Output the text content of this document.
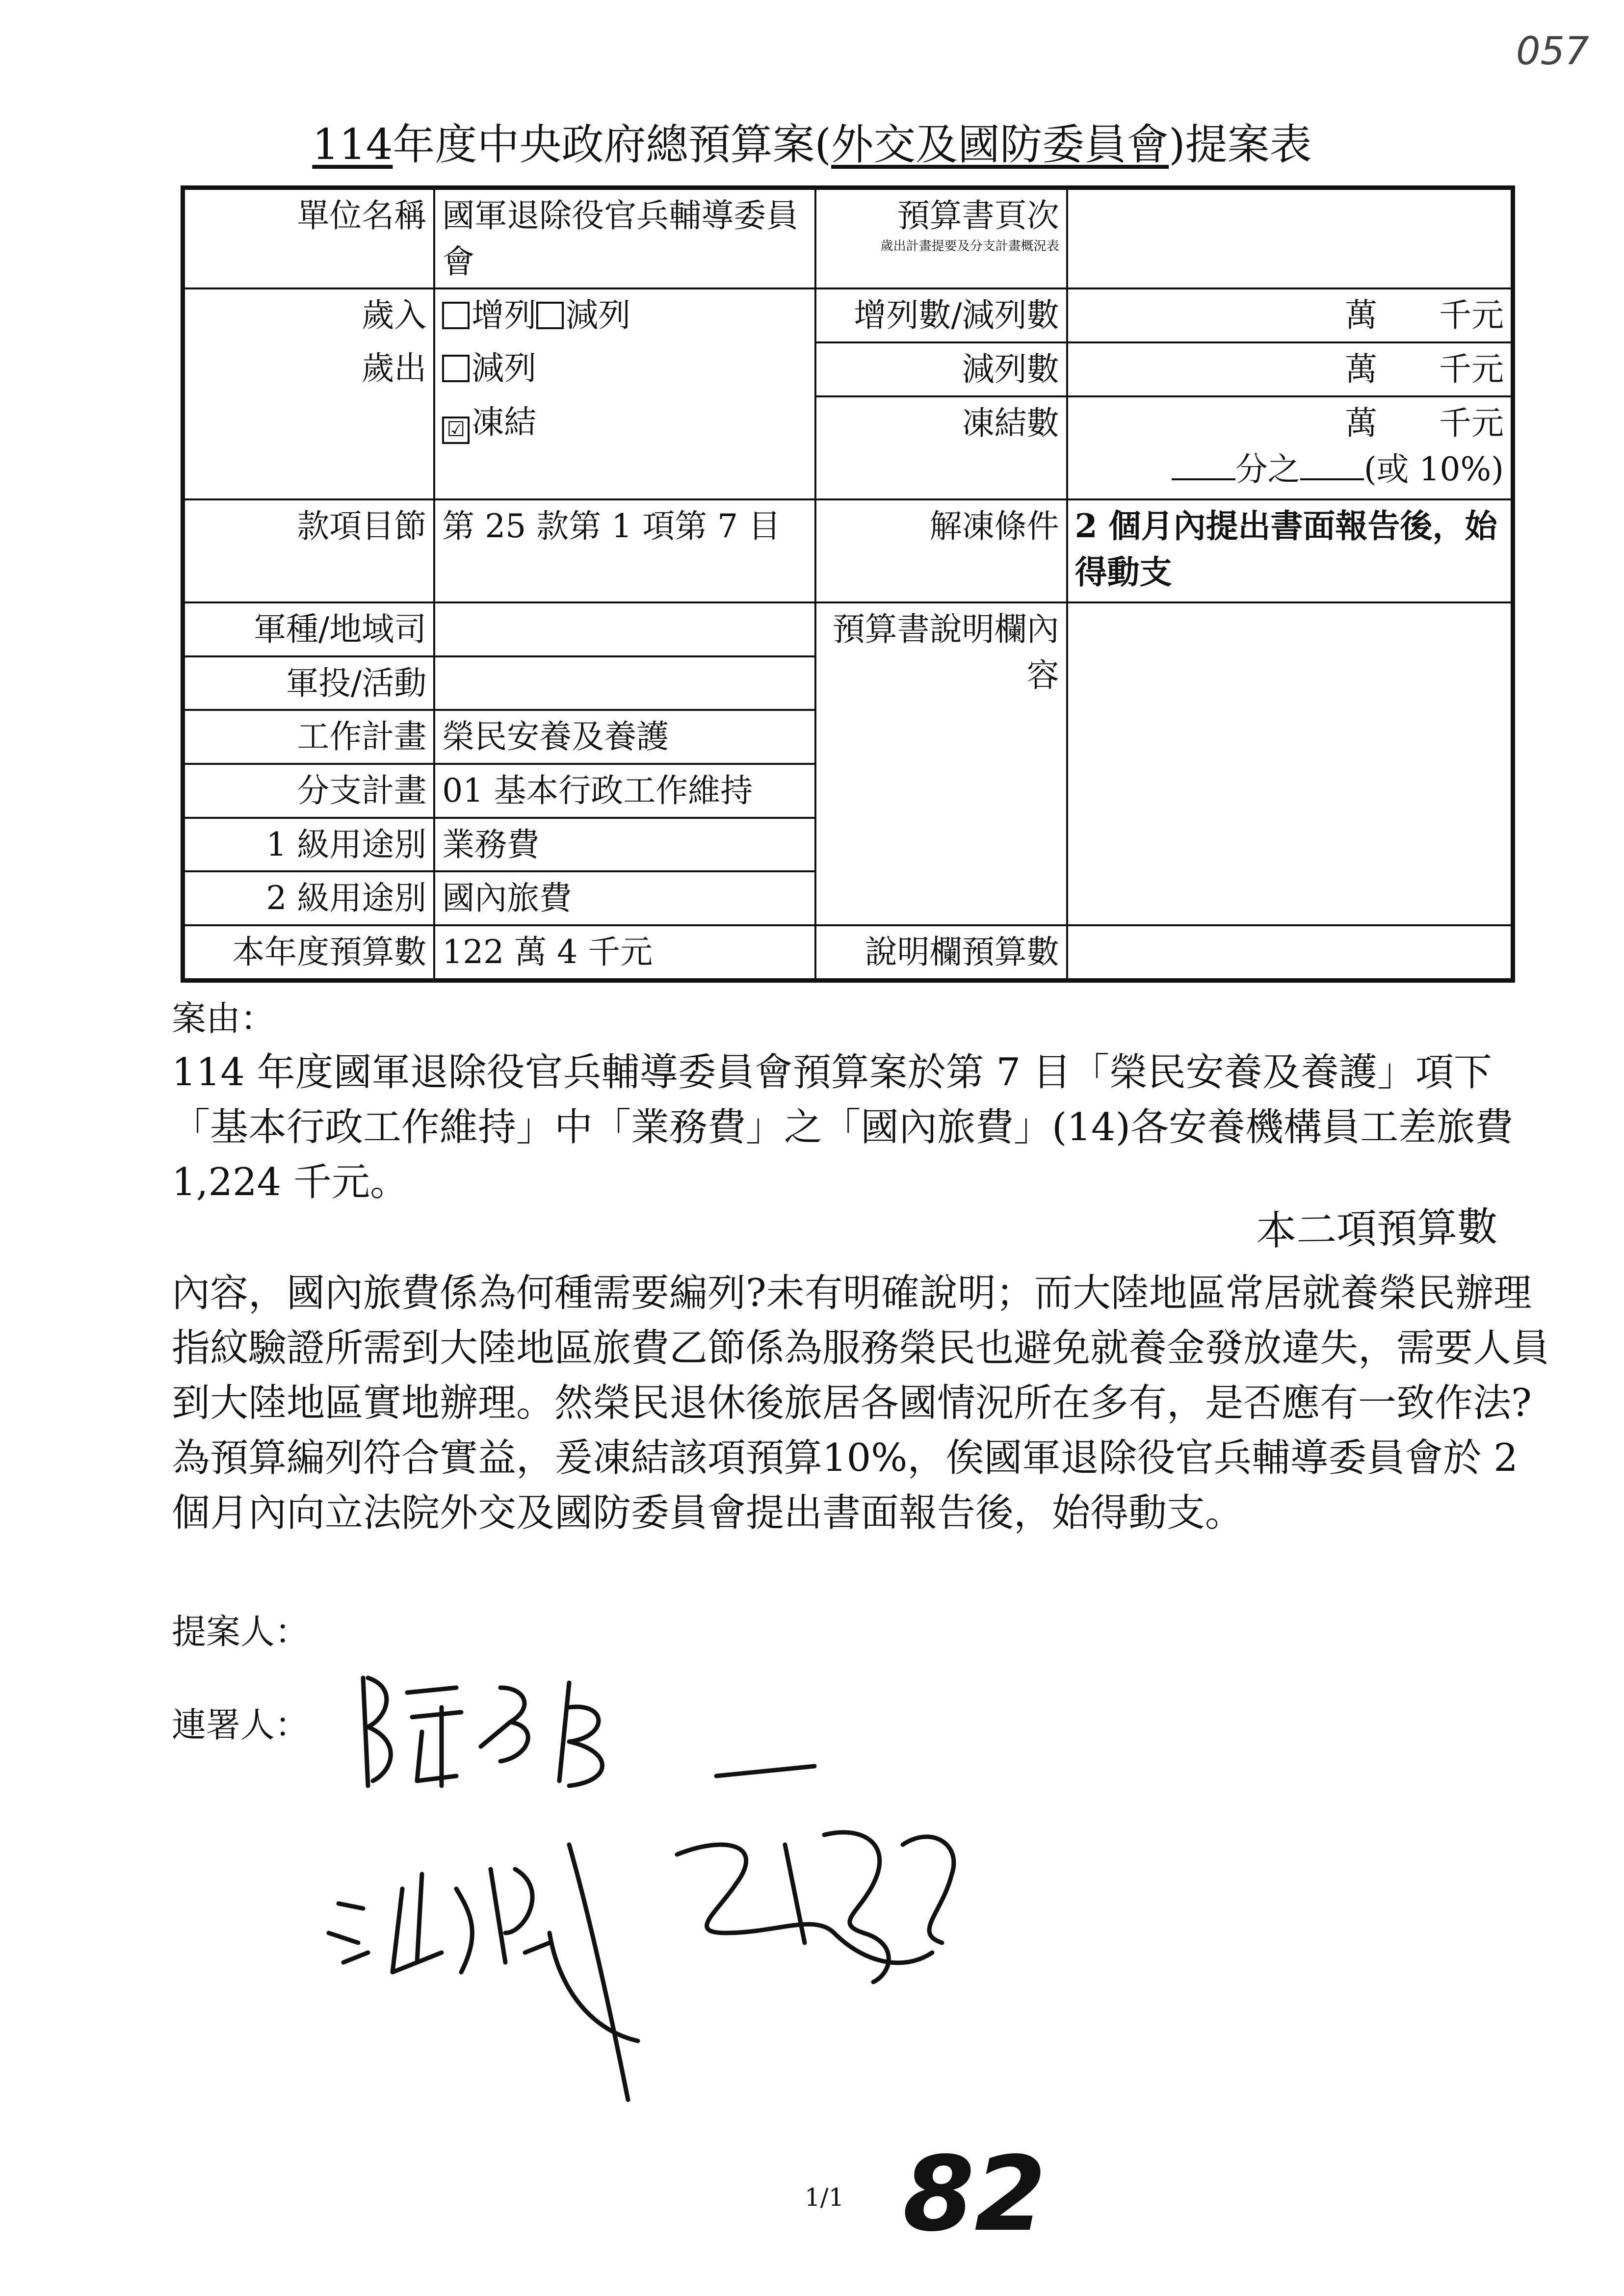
057
114年度中央政府總預算案(外交及國防委員會)提案表
單位名稱	國軍退除役官兵輔導委員會	預算書頁次
歲出計畫提要及分支計畫概況表	

歲入	增列 減列	增列數/減列數	萬 千元
歲出	減列	減列數	萬 千元
	☑ 凍結	凍結數	萬 千元
分之 (或 10%)
款項目節	第 25 款第 1 項第 7 目	解凍條件	2 個月內提出書面報告後，始得動支
軍種/地域司		預算書說明欄內容	
軍投/活動			
工作計畫	榮民安養及養護		
分支計畫	01 基本行政工作維持		
1 級用途別	業務費		
2 級用途別	國內旅費		
本年度預算數	122 萬 4 千元	說明欄預算數	
案由：
114 年度國軍退除役官兵輔導委員會預算案於第 7 目「榮民安養及養護」項下「基本行政工作維持」中「業務費」之「國內旅費」(14)各安養機構員工差旅費 1,224 千元。
本二項預算數
內容，國內旅費係為何種需要編列?未有明確說明；而大陸地區常居就養榮民辦理指紋驗證所需到大陸地區旅費乙節係為服務榮民也避免就養金發放違失，需要人員到大陸地區實地辦理。然榮民退休後旅居各國情況所在多有，是否應有一致作法?為預算編列符合實益，爰凍結該項預算10%，俟國軍退除役官兵輔導委員會於 2 個月內向立法院外交及國防委員會提出書面報告後，始得動支。
提案人：
連署人：
1/1 82
